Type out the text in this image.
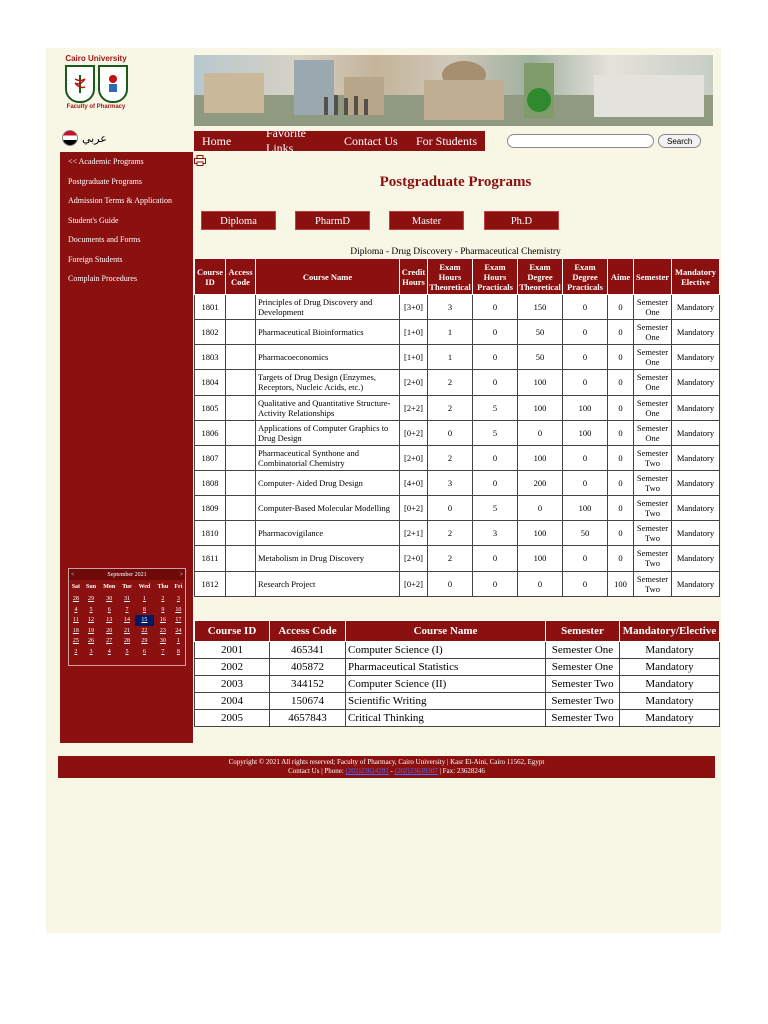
Cairo University
Faculty of Pharmacy
عربي	Home
Favorite Links
Contact Us	For Students	Search
<< Academic Programs
Postgraduate Programs
Admission Terms & Application
Student's Guide
Documents and Forms
Foreign Students
Complain Procedures
<	September 2021	>
Sat	Sun	Mon	Tue	Wed	Thu	Fri
28	29	30	31	1	2	3
4	5	6	7	8	9	10
11	12	13	14	15	16	17
18	19	20	21	22	23	24
25	26	27	28	29	30	1
2	3	4	5	6	7	8
Postgraduate Programs
Diploma	PharmD	Master	Ph.D
Diploma - Drug Discovery - Pharmaceutical Chemistry
Course ID	Access Code	Course Name	Credit Hours	Exam Hours Theoretical	Exam Hours Practicals	Exam Degree Theoretical	Exam Degree Practicals	Aime	Semester	Mandatory Elective
1801		Principles of Drug Discovery and Development	[3+0]	3	0	150	0	0	Semester One	Mandatory
1802		Pharmaceutical Bioinformatics	[1+0]	1	0	50	0	0	Semester One	Mandatory
1803		Pharmacoeconomics	[1+0]	1	0	50	0	0	Semester One	Mandatory
1804		Targets of Drug Design (Enzymes, Receptors, Nucleic Acids, etc.)	[2+0]	2	0	100	0	0	Semester One	Mandatory
1805		Qualitative and Quantitative Structure-Activity Relationships	[2+2]	2	5	100	100	0	Semester One	Mandatory
1806		Applications of Computer Graphics to Drug Design	[0+2]	0	5	0	100	0	Semester One	Mandatory
1807		Pharmaceutical Synthone and Combinatorial Chemistry	[2+0]	2	0	100	0	0	Semester Two	Mandatory
1808		Computer- Aided Drug Design	[4+0]	3	0	200	0	0	Semester Two	Mandatory
1809		Computer-Based Molecular Modelling	[0+2]	0	5	0	100	0	Semester Two	Mandatory
1810		Pharmacovigilance	[2+1]	2	3	100	50	0	Semester Two	Mandatory
1811		Metabolism in Drug Discovery	[2+0]	2	0	100	0	0	Semester Two	Mandatory
1812		Research Project	[0+2]	0	0	0	0	100	Semester Two	Mandatory
Course ID	Access Code	Course Name	Semester	Mandatory/Elective
2001	465341	Computer Science (I)	Semester One	Mandatory
2002	405872	Pharmaceutical Statistics	Semester One	Mandatory
2003	344152	Computer Science (II)	Semester Two	Mandatory
2004	150674	Scientific Writing	Semester Two	Mandatory
2005	4657843	Critical Thinking	Semester Two	Mandatory
Copyright © 2021 All rights reserved; Faculty of Pharmacy, Cairo University | Kasr El-Aini, Cairo 11562, Egypt
Contact Us | Phone: (202)23624291 - (202)23639307 | Fax: 23628246
